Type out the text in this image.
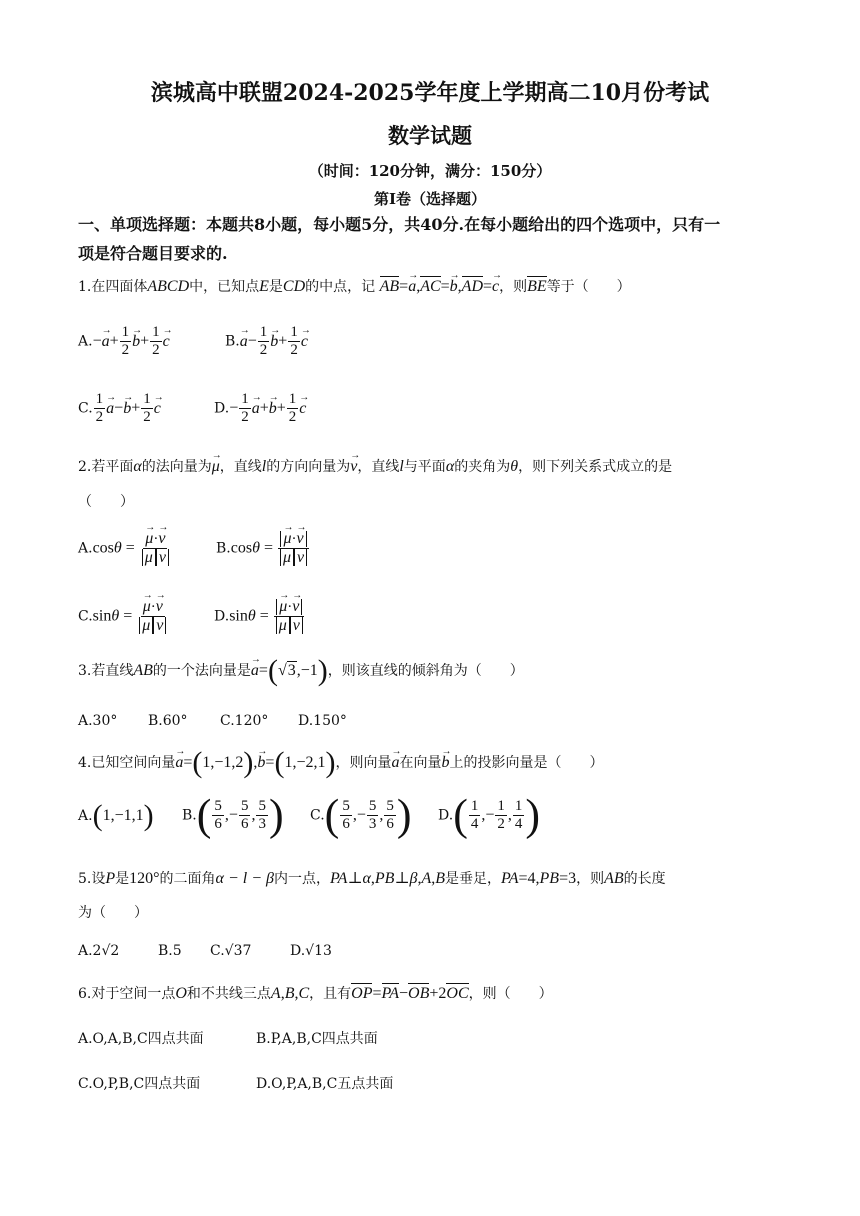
滨城高中联盟2024-2025学年度上学期高二10月份考试
数学试题
（时间：120分钟，满分：150分）
第I卷（选择题）
一、单项选择题：本题共8小题，每小题5分，共40分.在每小题给出的四个选项中，只有一
项是符合题目要求的.
1.在四面体ABCD中，已知点E是CD的中点，记 AB=→ a,AC=→ b,AD=→ c，则BE等于（　　）
$A.-\to a+ \frac{1}{2}$
→ $b+ \frac{1}{2}$
→ c	$B.\to a- \frac{1}{2}$
→ $b+ \frac{1}{2}$
→ c
C. $\frac{1}{2}$
→ $a-\to b+ \frac{1}{2}$
→ c	$D.- \frac{1}{2}$
→ $a+\to b+ \frac{1}{2}$
→ c
2.若平面α的法向量为→ μ，直线l的方向向量为→ v，直线l与平面α的夹角为θ，则下列关系式成立的是
（　　）
A.cosθ =
→ $\frac{\mu\cdot\to v}{\text{μ v}}$	B.cosθ =
→ $\frac{\mu\cdot\to v}{\text{μ v}}$
C.sinθ =
→ $\frac{\mu\cdot\to v}{\text{μ v}}$	D.sinθ =
→ $\frac{\mu\cdot\to v}{\text{μ v}}$
3.若直线AB的一个法向量是→ a=(√3,−1)，则该直线的倾斜角为（　　）
A.30° B.60° C.120° D.150°
4.已知空间向量→ a=(1,−1,2),→ b=(1,−2,1)，则向量→ a在向量→ b上的投影向量是（　　）
A.(1,−1,1) $B.( \frac{5}{6}$ ,− $\frac{5}{6}$ , $\frac{5}{3}$ ) $C.( \frac{5}{6}$ ,− $\frac{5}{3}$ , $\frac{5}{6}$ ) $D.( \frac{1}{4}$ ,− $\frac{1}{2}$ , $\frac{1}{4}$ )
5.设P是120°的二面角α − l − β内一点，PA⊥α,PB⊥β,A,B是垂足，PA=4,PB=3，则AB的长度
为（　　）
A.2√2	B.5 C.√37	D.√13
6.对于空间一点O和不共线三点A,B,C，且有OP=PA−OB+2OC，则（　　）
A.O,A,B,C四点共面	B.P,A,B,C四点共面
C.O,P,B,C四点共面	D.O,P,A,B,C五点共面
